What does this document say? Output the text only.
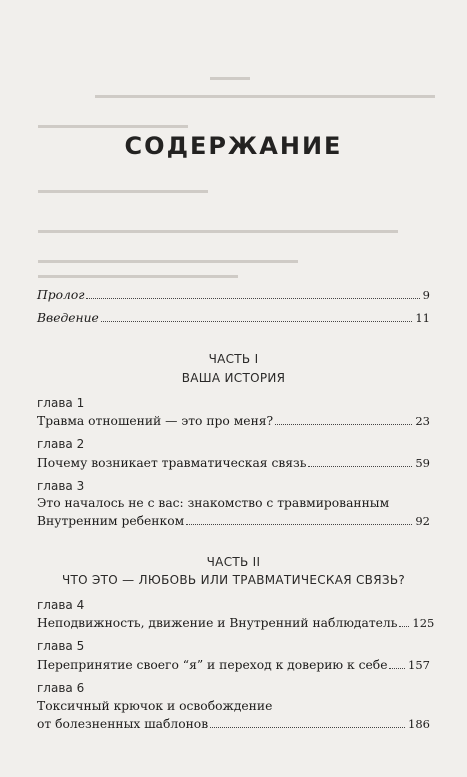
▬▬▬▬
▬▬▬▬▬▬▬▬▬▬▬▬▬▬▬▬▬▬▬▬▬▬▬▬▬▬▬▬▬▬▬▬▬▬
▬▬▬▬▬▬▬▬▬▬▬▬▬▬▬
▬▬▬▬▬▬▬▬▬▬▬▬▬▬▬▬▬
▬▬▬▬▬▬▬▬▬▬▬▬▬▬▬▬▬▬▬▬▬▬▬▬▬▬▬▬▬▬▬▬▬▬▬▬
▬▬▬▬▬▬▬▬▬▬▬▬▬▬▬▬▬▬▬▬▬▬▬▬▬▬
▬▬▬▬▬▬▬▬▬▬▬▬▬▬▬▬▬▬▬▬
СОДЕРЖАНИЕ
Пролог	9
Введение	11
ЧАСТЬ I
ВАША ИСТОРИЯ
глава 1
Травма отношений — это про меня?	23
глава 2
Почему возникает травматическая связь	59
глава 3
Это началось не с вас: знакомство с травмированным
Внутренним ребенком	92
ЧАСТЬ II
ЧТО ЭТО — ЛЮБОВЬ ИЛИ ТРАВМАТИЧЕСКАЯ СВЯЗЬ?
глава 4
Неподвижность, движение и Внутренний наблюдатель 125
глава 5
Перепринятие своего “я” и переход к доверию к себе 157
глава 6
Токсичный крючок и освобождение
от болезненных шаблонов	186
